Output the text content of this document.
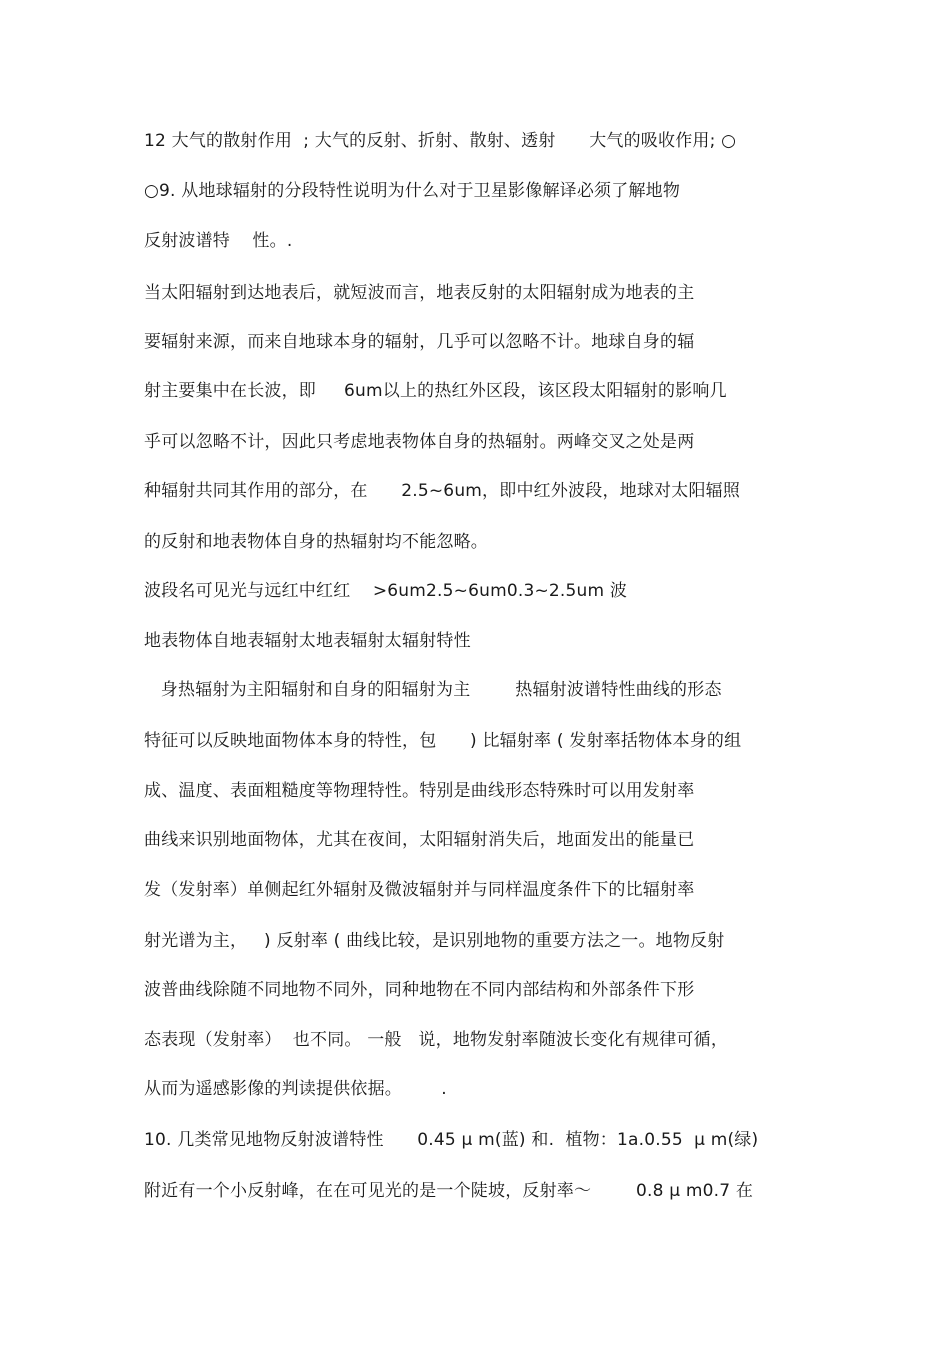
12 大气的散射作用  ; 大气的反射、折射、散射、透射      大气的吸收作用; ○
○9. 从地球辐射的分段特性说明为什么对于卫星影像解译必须了解地物
反射波谱特    性。.
当太阳辐射到达地表后，就短波而言，地表反射的太阳辐射成为地表的主
要辐射来源，而来自地球本身的辐射，几乎可以忽略不计。地球自身的辐
射主要集中在长波，即     6um以上的热红外区段，该区段太阳辐射的影响几
乎可以忽略不计，因此只考虑地表物体自身的热辐射。两峰交叉之处是两
种辐射共同其作用的部分，在      2.5~6um，即中红外波段，地球对太阳辐照
的反射和地表物体自身的热辐射均不能忽略。
波段名可见光与远红中红红    >6um2.5~6um0.3~2.5um 波
地表物体自地表辐射太地表辐射太辐射特性
身热辐射为主阳辐射和自身的阳辐射为主        热辐射波谱特性曲线的形态
特征可以反映地面物体本身的特性，包      ) 比辐射率 ( 发射率括物体本身的组
成、温度、表面粗糙度等物理特性。特别是曲线形态特殊时可以用发射率
曲线来识别地面物体，尤其在夜间，太阳辐射消失后，地面发出的能量已
发（发射率）单侧起红外辐射及微波辐射并与同样温度条件下的比辐射率
射光谱为主，   ) 反射率 ( 曲线比较，是识别地物的重要方法之一。地物反射
波普曲线除随不同地物不同外，同种地物在不同内部结构和外部条件下形
态表现（发射率）  也不同。 一般   说，地物发射率随波长变化有规律可循，
从而为遥感影像的判读提供依据。       .
10. 几类常见地物反射波谱特性      0.45 μ m(蓝) 和.  植物：1a.0.55  μ m(绿)
附近有一个小反射峰，在在可见光的是一个陡坡，反射率～        0.8 μ m0.7 在
